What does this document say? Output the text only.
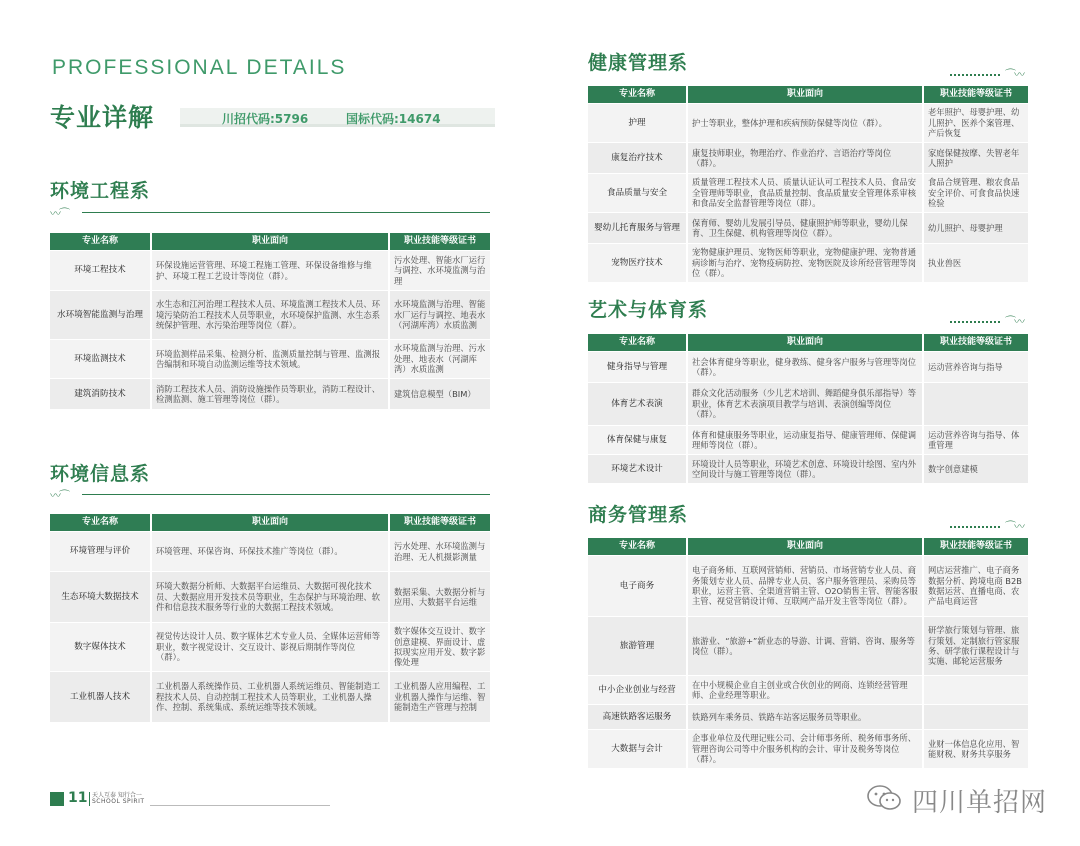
PROFESSIONAL DETAILS
专业详解	川招代码:5796	国标代码:14674
环境工程系
〰︎⌒
专业名称	职业面向	职业技能等级证书
环境工程技术	环保设施运营管理、环境工程施工管理、环保设备维修与维护、环境工程工艺设计等岗位（群）。	污水处理、智能水厂运行与调控、水环境监测与治理
水环境智能监测与治理	水生态和江河治理工程技术人员、环境监测工程技术人员、环境污染防治工程技术人员等职业，水环境保护监测、水生态系统保护管理、水污染治理等岗位（群）。	水环境监测与治理、智能水厂运行与调控、地表水（河湖库湾）水质监测
环境监测技术	环境监测样品采集、检测分析、监测质量控制与管理、监测报告编制和环境自动监测运维等技术领域。	水环境监测与治理、污水处理、地表水（河湖库湾）水质监测
建筑消防技术	消防工程技术人员、消防设施操作员等职业，消防工程设计、检测监测、施工管理等岗位（群）。	建筑信息模型（BIM）
环境信息系
〰︎⌒
专业名称	职业面向	职业技能等级证书
环境管理与评价	环境管理、环保咨询、环保技术推广等岗位（群）。	污水处理、水环境监测与治理、无人机摄影测量
生态环境大数据技术	环境大数据分析师、大数据平台运维员、大数据可视化技术员、大数据应用开发技术员等职业，生态保护与环境治理、软件和信息技术服务等行业的大数据工程技术领域。	数据采集、大数据分析与应用、大数据平台运维
数字媒体技术	视觉传达设计人员、数字媒体艺术专业人员、全媒体运营师等职业，数字视觉设计、交互设计、影视后期制作等岗位（群）。	数字媒体交互设计、数字创意建模、界面设计、虚拟现实应用开发、数字影像处理
工业机器人技术	工业机器人系统操作员、工业机器人系统运维员、智能制造工程技术人员、自动控制工程技术人员等职业，工业机器人操作、控制、系统集成、系统运维等技术领域。	工业机器人应用编程、工业机器人操作与运维、智能制造生产管理与控制
健康管理系
⌒〰︎
专业名称	职业面向	职业技能等级证书
护理	护士等职业，整体护理和疾病预防保健等岗位（群）。	老年照护、母婴护理、幼儿照护、医养个案管理、产后恢复
康复治疗技术	康复技师职业，物理治疗、作业治疗、言语治疗等岗位（群）。	家庭保健按摩、失智老年人照护
食品质量与安全	质量管理工程技术人员、质量认证认可工程技术人员、食品安全管理师等职业，食品质量控制、食品质量安全管理体系审核和食品安全监督管理等岗位（群）。	食品合规管理、粮农食品安全评价、可食食品快速检验
婴幼儿托育服务与管理	保育师、婴幼儿发展引导员、健康照护师等职业，婴幼儿保育、卫生保健、机构管理等岗位（群）。	幼儿照护、母婴护理
宠物医疗技术	宠物健康护理员、宠物医师等职业，宠物健康护理、宠物普通病诊断与治疗、宠物疫病防控、宠物医院及诊所经营管理等岗位（群）。	执业兽医
艺术与体育系
⌒〰︎
专业名称	职业面向	职业技能等级证书
健身指导与管理	社会体育健身等职业，健身教练、健身客户服务与管理等岗位（群）。	运动营养咨询与指导
体育艺术表演	群众文化活动服务（少儿艺术培训、舞蹈健身俱乐部指导）等职业，体育艺术表演项目教学与培训、表演创编等岗位（群）。	
体育保健与康复	体育和健康服务等职业，运动康复指导、健康管理师、保健调理师等岗位（群）。	运动营养咨询与指导、体重管理
环境艺术设计	环境设计人员等职业，环境艺术创意、环境设计绘图、室内外空间设计与施工管理等岗位（群）。	数字创意建模
商务管理系
⌒〰︎
专业名称	职业面向	职业技能等级证书
电子商务	电子商务师、互联网营销师、营销员、市场营销专业人员、商务策划专业人员、品牌专业人员、客户服务管理员、采购员等职业，运营主管、全渠道营销主管、O2O销售主管、智能客服主管、视觉营销设计师、互联网产品开发主管等岗位（群）。	网店运营推广、电子商务数据分析、跨境电商 B2B 数据运营、直播电商、农产品电商运营
旅游管理	旅游业、“旅游+”新业态的导游、计调、营销、咨询、服务等岗位（群）。	研学旅行策划与管理、旅行策划、定制旅行管家服务、研学旅行课程设计与实施、邮轮运营服务
中小企业创业与经营	在中小规模企业自主创业或合伙创业的网商、连锁经营管理师、企业经理等职业。	
高速铁路客运服务	铁路列车乘务员、铁路车站客运服务员等职业。	
大数据与会计	企事业单位及代理记账公司、会计师事务所、税务师事务所、管理咨询公司等中介服务机构的会计、审计及税务等岗位（群）。	业财一体信息化应用、智能财税、财务共享服务
11 天人互泰 知行合一
SCHOOL SPIRIT	四川单招网
